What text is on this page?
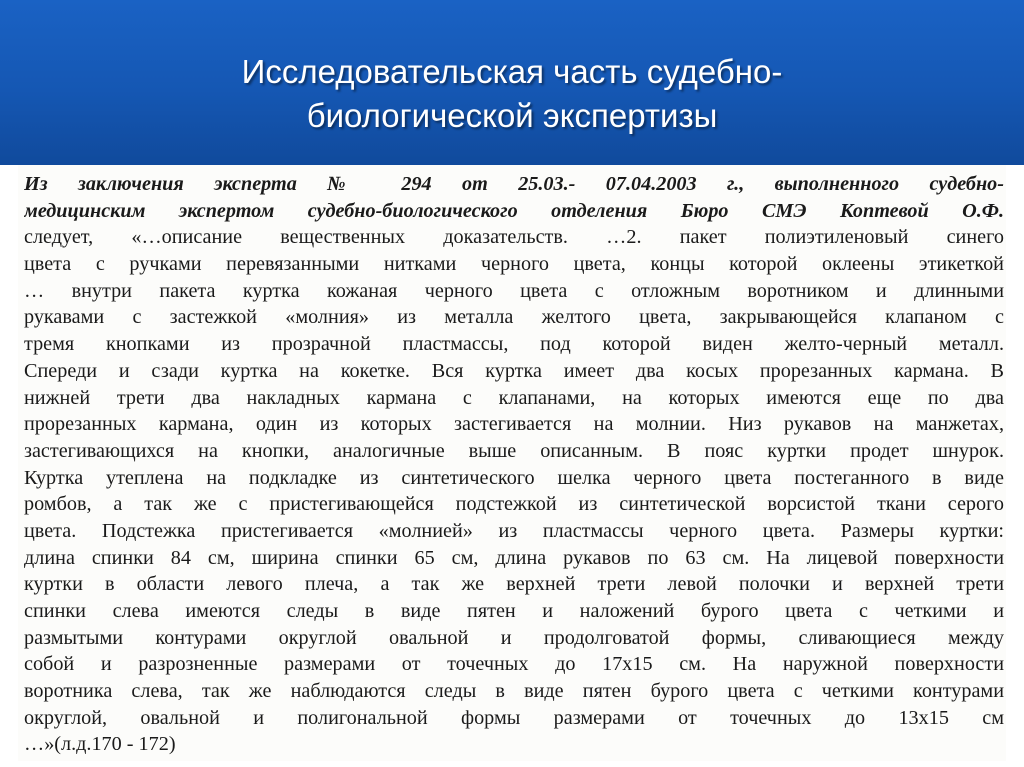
Исследовательская часть судебно-
биологической экспертизы
Из заключения эксперта № 294 от 25.03.- 07.04.2003 г., выполненного судебно-
медицинским экспертом судебно-биологического отделения Бюро СМЭ Коптевой О.Ф.
следует, «…описание вещественных доказательств. …2. пакет полиэтиленовый синего
цвета с ручками перевязанными нитками черного цвета, концы которой оклеены этикеткой
… внутри пакета куртка кожаная черного цвета с отложным воротником и длинными
рукавами с застежкой «молния» из металла желтого цвета, закрывающейся клапаном с
тремя кнопками из прозрачной пластмассы, под которой виден желто-черный металл.
Спереди и сзади куртка на кокетке. Вся куртка имеет два косых прорезанных кармана. В
нижней трети два накладных кармана с клапанами, на которых имеются еще по два
прорезанных кармана, один из которых застегивается на молнии. Низ рукавов на манжетах,
застегивающихся на кнопки, аналогичные выше описанным. В пояс куртки продет шнурок.
Куртка утеплена на подкладке из синтетического шелка черного цвета постеганного в виде
ромбов, а так же с пристегивающейся подстежкой из синтетической ворсистой ткани серого
цвета. Подстежка пристегивается «молнией» из пластмассы черного цвета. Размеры куртки:
длина спинки 84 см, ширина спинки 65 см, длина рукавов по 63 см. На лицевой поверхности
куртки в области левого плеча, а так же верхней трети левой полочки и верхней трети
спинки слева имеются следы в виде пятен и наложений бурого цвета с четкими и
размытыми контурами округлой овальной и продолговатой формы, сливающиеся между
собой и разрозненные размерами от точечных до 17х15 см. На наружной поверхности
воротника слева, так же наблюдаются следы в виде пятен бурого цвета с четкими контурами
округлой, овальной и полигональной формы размерами от точечных до 13х15 см
…»(л.д.170 - 172)
